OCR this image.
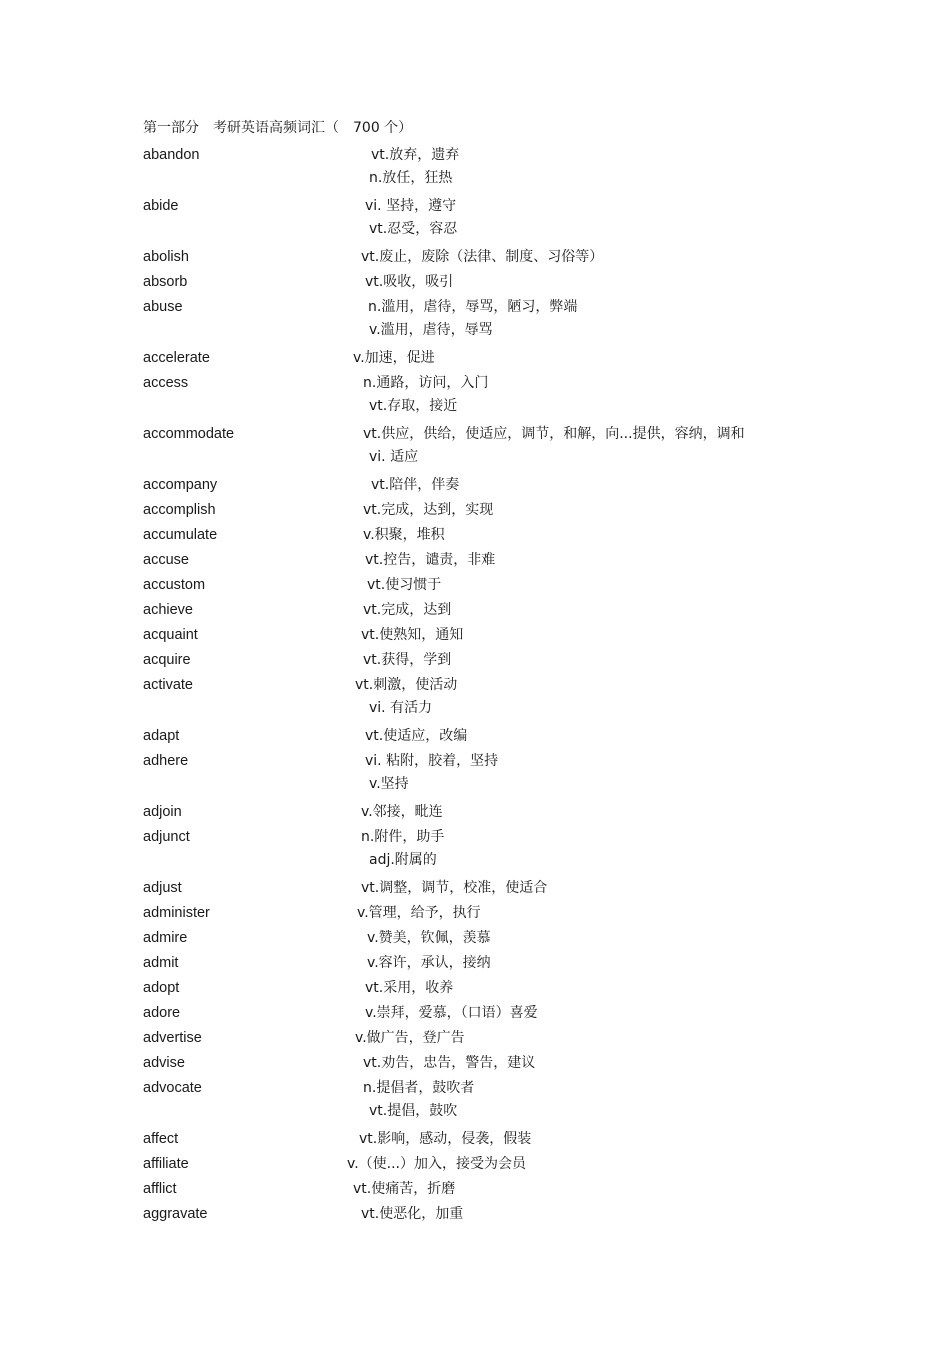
第一部分　考研英语高频词汇（　700 个）
abandon	vt.放弃，遗弃
n.放任，狂热
abide	vi. 坚持，遵守
vt.忍受，容忍
abolish	vt.废止，废除（法律、制度、习俗等）
absorb	vt.吸收，吸引
abuse	n.滥用，虐待，辱骂，陋习，弊端
v.滥用，虐待，辱骂
accelerate	v.加速，促进
access	n.通路，访问，入门
vt.存取，接近
accommodate	vt.供应，供给，使适应，调节，和解，向...提供，容纳，调和
vi. 适应
accompany	vt.陪伴，伴奏
accomplish	vt.完成，达到，实现
accumulate	v.积聚，堆积
accuse	vt.控告，谴责，非难
accustom	vt.使习惯于
achieve	vt.完成，达到
acquaint	vt.使熟知，通知
acquire	vt.获得，学到
activate	vt.刺激，使活动
vi. 有活力
adapt	vt.使适应，改编
adhere	vi. 粘附，胶着，坚持
v.坚持
adjoin	v.邻接，毗连
adjunct	n.附件，助手
adj.附属的
adjust	vt.调整，调节，校准，使适合
administer	v.管理，给予，执行
admire	v.赞美，钦佩，羡慕
admit	v.容许，承认，接纳
adopt	vt.采用，收养
adore	v.崇拜，爱慕，（口语）喜爱
advertise	v.做广告，登广告
advise	vt.劝告，忠告，警告，建议
advocate	n.提倡者，鼓吹者
vt.提倡，鼓吹
affect	vt.影响，感动，侵袭，假装
affiliate	v.（使...）加入，接受为会员
afflict	vt.使痛苦，折磨
aggravate	vt.使恶化，加重
